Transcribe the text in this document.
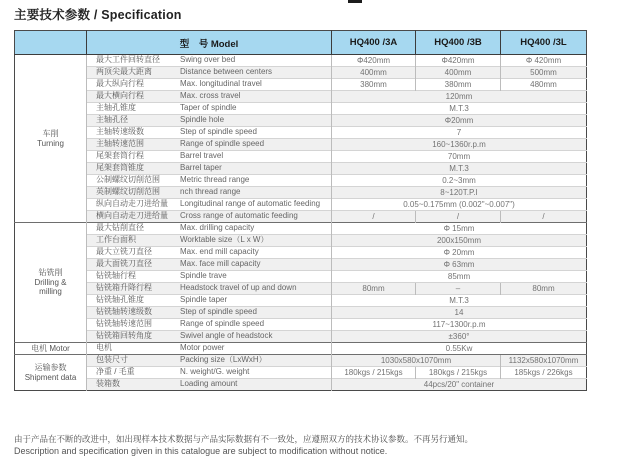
主要技术参数 / Specification
	型　号 Model	HQ400 /3A	HQ400 /3B	HQ400 /3L

车削
Turning	最大工件回转直径 Swing over bed	Φ420mm	Φ420mm	Φ 420mm
	两顶尖最大距离 Distance between centers	400mm	400mm	500mm
	最大纵向行程 Max. longitudinal travel	380mm	380mm	480mm
	最大横向行程 Max. cross travel	120mm		
	主轴孔锥度 Taper of spindle	M.T.3		
	主轴孔径 Spindle hole	Φ20mm		
	主轴转速级数 Step of spindle speed	7		
	主轴转速范围 Range of spindle speed	160~1360r.p.m		
	尾架套筒行程 Barrel travel	70mm		
	尾架套筒锥度 Barrel taper	M.T.3		
	公制螺纹切削范围 Metric thread range	0.2~3mm		
	英制螺纹切削范围 nch thread range	8~120T.P.I		
	纵向自动走刀进给量 Longitudinal range of automatic feeding	0.05~0.175mm (0.002"~0.007")		
	横向自动走刀进给量 Cross range of automatic feeding	/	/	/

钻铣削
Drilling &
milling	最大钻削直径 Max. drilling capacity	Φ 15mm		
	工作台面积 Worktable size（L x W）	200x150mm		
	最大立铣刀直径 Max. end mill capacity	Φ 20mm		
	最大面铣刀直径 Max. face mill capacity	Φ 63mm		
	钻铣轴行程 Spindle trave	85mm		
	钻铣箱升降行程 Headstock travel of up and down	80mm	–	80mm
	钻铣轴孔锥度 Spindle taper	M.T.3		
	钻铣轴转速级数 Step of spindle speed	14		
	钻铣轴转速范围 Range of spindle speed	117~1300r.p.m		
	钻铣箱回转角度 Swivel angle of headstock	±360°		

电机 Motor	电机 Motor power	0.55Kw		

运输参数
Shipment data	包装尺寸 Packing size（LxWxH）	1030x580x1070mm		1132x580x1070mm
	净重 / 毛重 N. weight/G. weight	180kgs / 215kgs	180kgs / 215kgs	185kgs / 226kgs
	装箱数 Loading amount	44pcs/20" container		
由于产品在不断的改进中，如出现样本技术数据与产品实际数据有不一致处，应遵照双方的技术协议参数。不再另行通知。
Description and specification given in this catalogue are subject to modification without notice.
